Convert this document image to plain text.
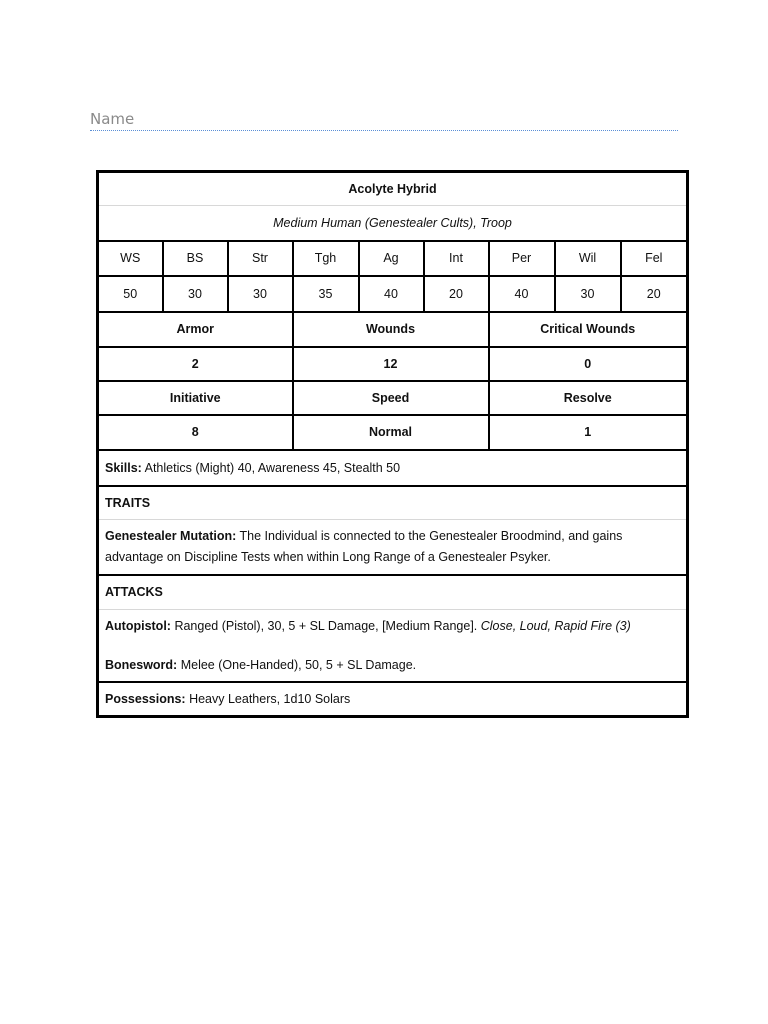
Name
Acolyte Hybrid								
Medium Human (Genestealer Cults), Troop								
WS	BS	Str	Tgh	Ag	Int	Per	Wil	Fel
50	30	30	35	40	20	40	30	20
Armor			Wounds			Critical Wounds		
2			12			0		
Initiative			Speed			Resolve		
8			Normal			1		
Skills: Athletics (Might) 40, Awareness 45, Stealth 50								
TRAITS								
Genestealer Mutation: The Individual is connected to the Genestealer Broodmind, and gains advantage on Discipline Tests when within Long Range of a Genestealer Psyker.								
ATTACKS								

Autopistol: Ranged (Pistol), 30, 5 + SL Damage, [Medium Range]. Close, Loud, Rapid Fire (3)
Bonesword: Melee (One-Handed), 50, 5 + SL Damage.								

Possessions: Heavy Leathers, 1d10 Solars								
